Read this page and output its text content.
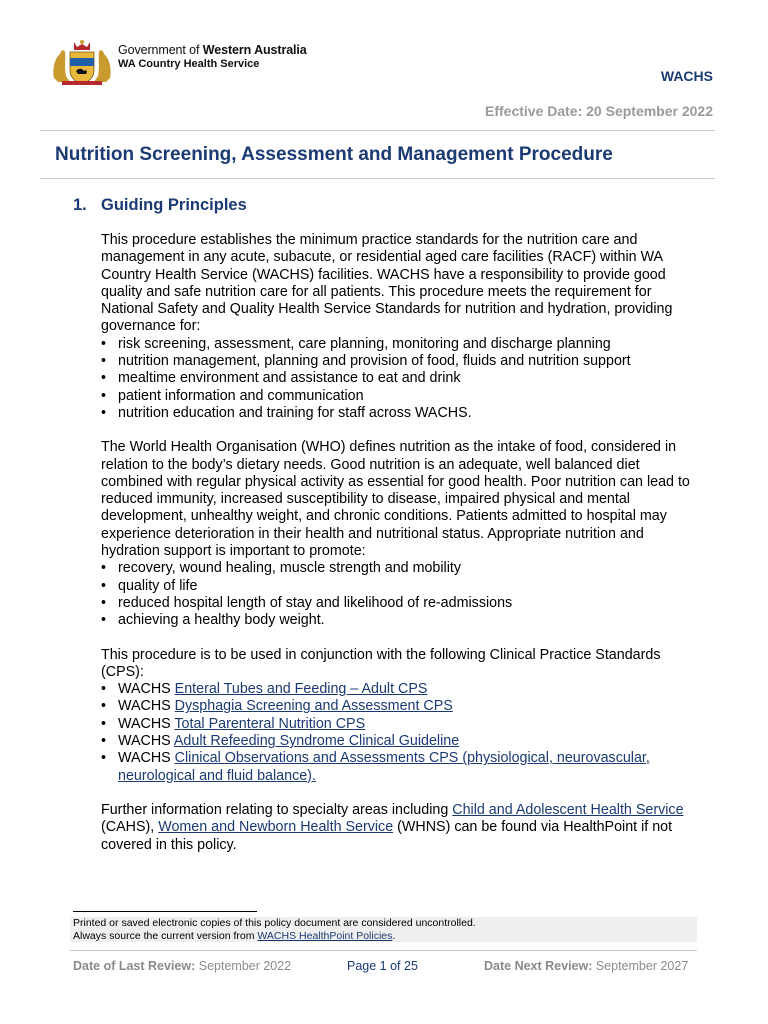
Government of Western Australia
WA Country Health Service
WACHS
Effective Date: 20 September 2022
Nutrition Screening, Assessment and Management Procedure
1. Guiding Principles

This procedure establishes the minimum practice standards for the nutrition care and management in any acute, subacute, or residential aged care facilities (RACF) within WA Country Health Service (WACHS) facilities. WACHS have a responsibility to provide good quality and safe nutrition care for all patients. This procedure meets the requirement for National Safety and Quality Health Service Standards for nutrition and hydration, providing governance for:

• risk screening, assessment, care planning, monitoring and discharge planning
• nutrition management, planning and provision of food, fluids and nutrition support
• mealtime environment and assistance to eat and drink
• patient information and communication
• nutrition education and training for staff across WACHS.

The World Health Organisation (WHO) defines nutrition as the intake of food, considered in relation to the body’s dietary needs. Good nutrition is an adequate, well balanced diet combined with regular physical activity as essential for good health. Poor nutrition can lead to reduced immunity, increased susceptibility to disease, impaired physical and mental development, unhealthy weight, and chronic conditions. Patients admitted to hospital may experience deterioration in their health and nutritional status. Appropriate nutrition and hydration support is important to promote:

• recovery, wound healing, muscle strength and mobility
• quality of life
• reduced hospital length of stay and likelihood of re-admissions
• achieving a healthy body weight.

This procedure is to be used in conjunction with the following Clinical Practice Standards (CPS):

• WACHS Enteral Tubes and Feeding – Adult CPS
• WACHS Dysphagia Screening and Assessment CPS
• WACHS Total Parenteral Nutrition CPS
• WACHS Adult Refeeding Syndrome Clinical Guideline
• WACHS Clinical Observations and Assessments CPS (physiological, neurovascular, neurological and fluid balance).

Further information relating to specialty areas including Child and Adolescent Health Service (CAHS), Women and Newborn Health Service (WHNS) can be found via HealthPoint if not covered in this policy.

Printed or saved electronic copies of this policy document are considered uncontrolled.
Always source the current version from WACHS HealthPoint Policies.
Date of Last Review: September 2022	Page 1 of 25	Date Next Review: September 2027
